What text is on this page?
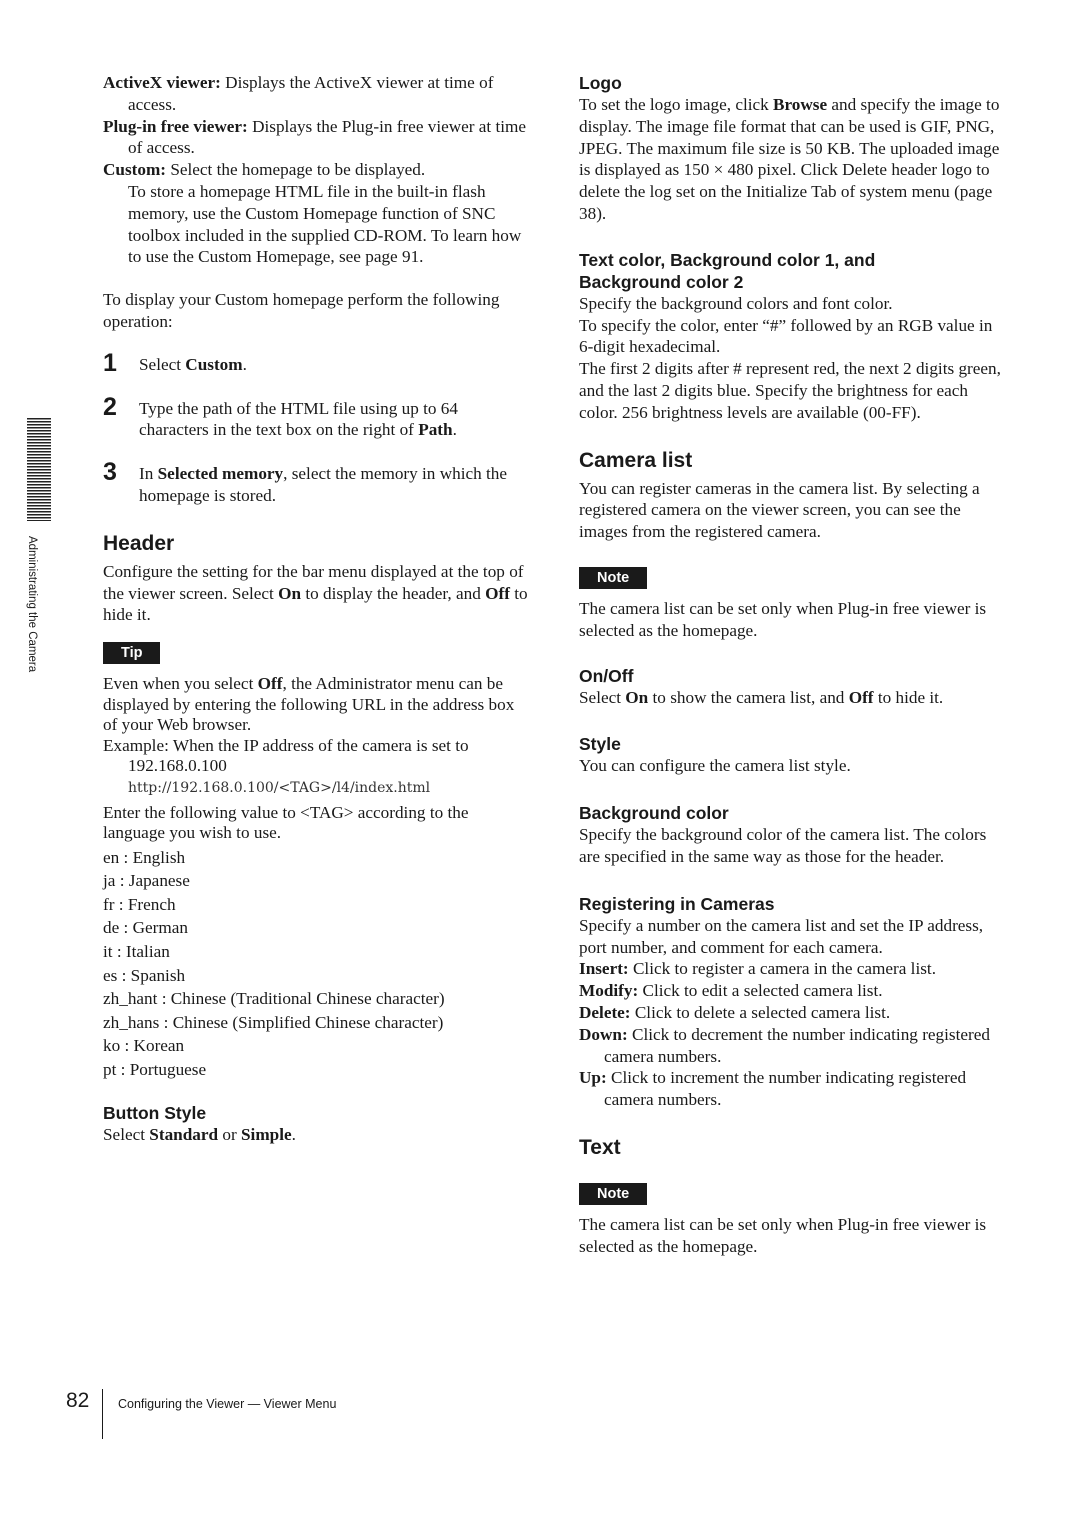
Administrating the Camera

ActiveX viewer: Displays the ActiveX viewer at time of access.

Plug-in free viewer: Displays the Plug-in free viewer at time of access.

Custom: Select the homepage to be displayed.

To store a homepage HTML file in the built-in flash memory, use the Custom Homepage function of SNC toolbox included in the supplied CD-ROM. To learn how to use the Custom Homepage, see page 91.

To display your Custom homepage perform the following operation:

1 Select Custom.

2 Type the path of the HTML file using up to 64 characters in the text box on the right of Path.

3 In Selected memory, select the memory in which the homepage is stored.

Header

Configure the setting for the bar menu displayed at the top of the viewer screen. Select On to display the header, and Off to hide it.

Tip

Even when you select Off, the Administrator menu can be displayed by entering the following URL in the address box of your Web browser.

Example: When the IP address of the camera is set to 192.168.0.100

http://192.168.0.100/<TAG>/l4/index.html

Enter the following value to <TAG> according to the language you wish to use.

en : English

ja : Japanese

fr : French

de : German

it : Italian

es : Spanish

zh_hant : Chinese (Traditional Chinese character)

zh_hans : Chinese (Simplified Chinese character)

ko : Korean

pt : Portuguese

Button Style

Select Standard or Simple.

Logo

To set the logo image, click Browse and specify the image to display. The image file format that can be used is GIF, PNG, JPEG. The maximum file size is 50 KB. The uploaded image is displayed as 150 × 480 pixel. Click Delete header logo to delete the log set on the Initialize Tab of system menu (page 38).

Text color, Background color 1, and
Background color 2

Specify the background colors and font color.

To specify the color, enter “#” followed by an RGB value in 6-digit hexadecimal.

The first 2 digits after # represent red, the next 2 digits green, and the last 2 digits blue. Specify the brightness for each color. 256 brightness levels are available (00-FF).

Camera list

You can register cameras in the camera list. By selecting a registered camera on the viewer screen, you can see the images from the registered camera.

Note

The camera list can be set only when Plug-in free viewer is selected as the homepage.

On/Off

Select On to show the camera list, and Off to hide it.

Style

You can configure the camera list style.

Background color

Specify the background color of the camera list. The colors are specified in the same way as those for the header.

Registering in Cameras

Specify a number on the camera list and set the IP address, port number, and comment for each camera.

Insert: Click to register a camera in the camera list.

Modify: Click to edit a selected camera list.

Delete: Click to delete a selected camera list.

Down: Click to decrement the number indicating registered camera numbers.

Up: Click to increment the number indicating registered camera numbers.

Text

Note

The camera list can be set only when Plug-in free viewer is selected as the homepage.

82 Configuring the Viewer — Viewer Menu
